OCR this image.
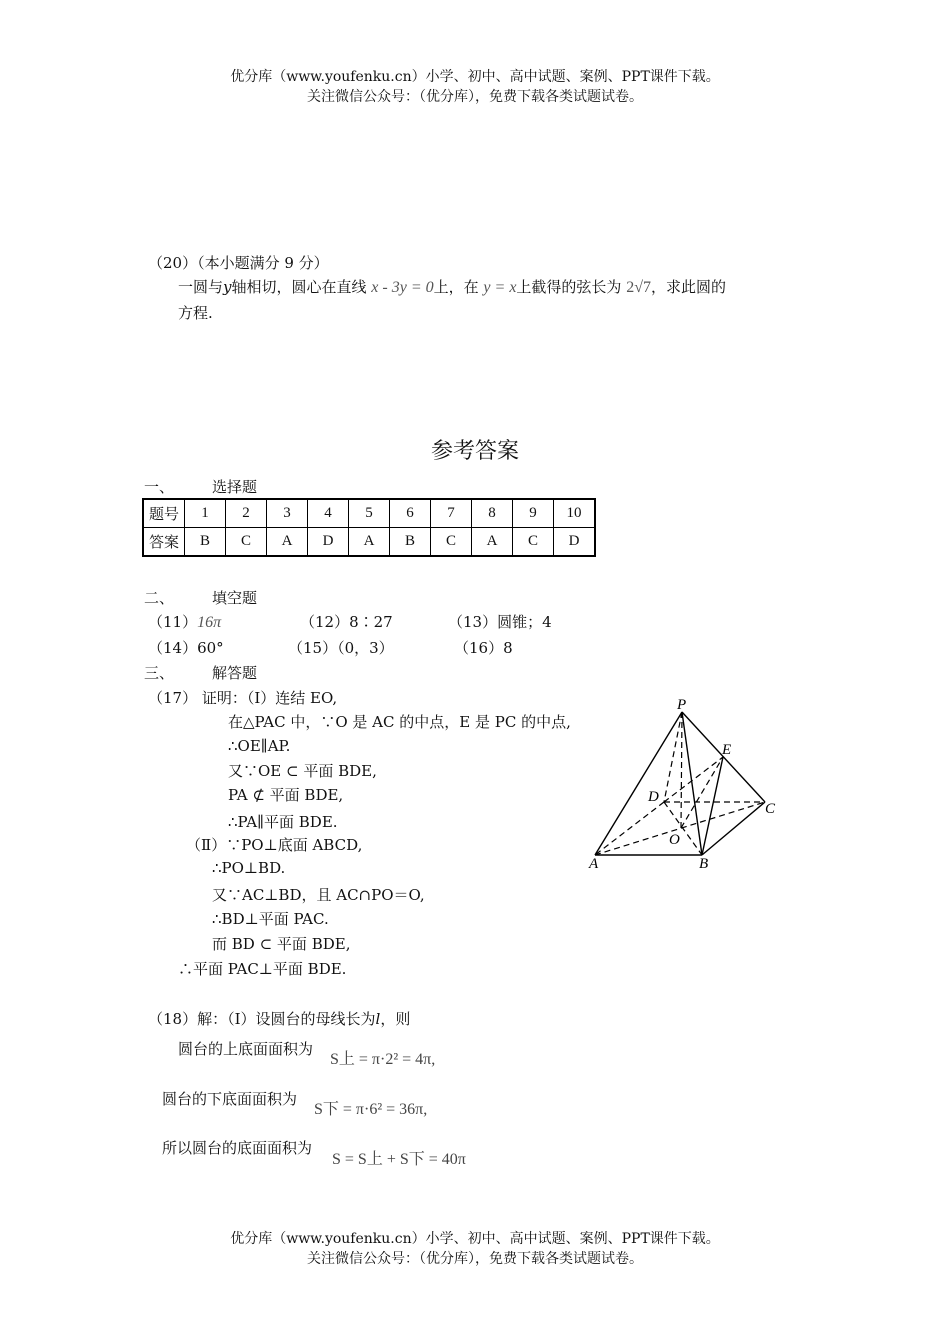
优分库（www.youfenku.cn）小学、初中、高中试题、案例、PPT课件下载。
关注微信公众号：（优分库），免费下载各类试题试卷。
（20）（本小题满分 9 分）
一圆与y轴相切，圆心在直线 x - 3y = 0上，在 y = x上截得的弦长为 2√7，求此圆的
方程.
参考答案
一、	选择题
题号	1	2	3	4	5	6	7	8	9	10
答案	B	C	A	D	A	B	C	A	C	D
二、	填空题
（11）16π	（12）8∶27	（13）圆锥；4
（14）60°	（15）（0，3）	（16）8
三、	解答题
（17） 证明：（Ⅰ）连结 EO,
在△PAC 中，∵O 是 AC 的中点，E 是 PC 的中点,
∴OE∥AP.
又∵OE ⊂ 平面 BDE,
PA ⊄ 平面 BDE,
∴PA∥平面 BDE.
（Ⅱ）∵PO⊥底面 ABCD,
∴PO⊥BD.
又∵AC⊥BD，且 AC∩PO＝O,
∴BD⊥平面 PAC.
而 BD ⊂ 平面 BDE,
∴平面 PAC⊥平面 BDE.
P
E
D
C
O
A	B
（18）解：（Ⅰ）设圆台的母线长为l，则
圆台的上底面面积为
S上 = π·2² = 4π,
圆台的下底面面积为
S下 = π·6² = 36π,
所以圆台的底面面积为
S = S上 + S下 = 40π
优分库（www.youfenku.cn）小学、初中、高中试题、案例、PPT课件下载。
关注微信公众号：（优分库），免费下载各类试题试卷。
